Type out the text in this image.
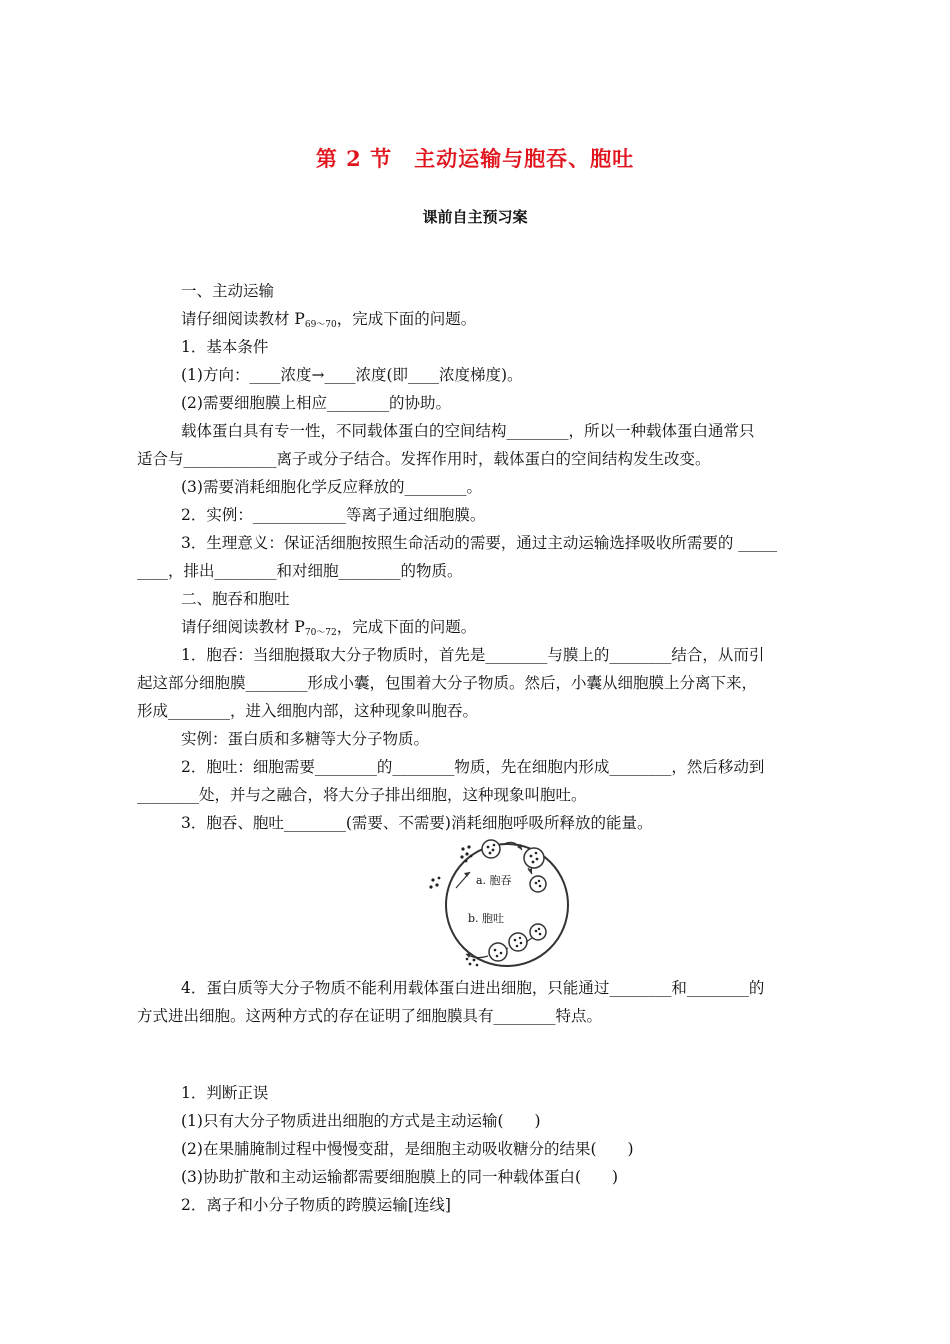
第 2 节　主动运输与胞吞、胞吐
课前自主预习案
一、主动运输
请仔细阅读教材 $P_{69\sim 70}$，完成下面的问题。
1．基本条件
(1)方向：____浓度→____浓度(即____浓度梯度)。
(2)需要细胞膜上相应________的协助。
载体蛋白具有专一性，不同载体蛋白的空间结构________，所以一种载体蛋白通常只
适合与____________离子或分子结合。发挥作用时，载体蛋白的空间结构发生改变。
(3)需要消耗细胞化学反应释放的________。
2．实例：____________等离子通过细胞膜。
3．生理意义：保证活细胞按照生命活动的需要，通过主动运输选择吸收所需要的 _____
____，排出________和对细胞________的物质。
二、胞吞和胞吐
请仔细阅读教材 $P_{70\sim 72}$，完成下面的问题。
1．胞吞：当细胞摄取大分子物质时，首先是________与膜上的________结合，从而引
起这部分细胞膜________形成小囊，包围着大分子物质。然后，小囊从细胞膜上分离下来，
形成________，进入细胞内部，这种现象叫胞吞。
实例：蛋白质和多糖等大分子物质。
2．胞吐：细胞需要________的________物质，先在细胞内形成________，然后移动到
________处，并与之融合，将大分子排出细胞，这种现象叫胞吐。
3．胞吞、胞吐________(需要、不需要)消耗细胞呼吸所释放的能量。
a. 胞吞
b. 胞吐
4．蛋白质等大分子物质不能利用载体蛋白进出细胞，只能通过________和________的
方式进出细胞。这两种方式的存在证明了细胞膜具有________特点。
1．判断正误
(1)只有大分子物质进出细胞的方式是主动运输(　　)
(2)在果脯腌制过程中慢慢变甜，是细胞主动吸收糖分的结果(　　)
(3)协助扩散和主动运输都需要细胞膜上的同一种载体蛋白(　　)
2．离子和小分子物质的跨膜运输[连线]
